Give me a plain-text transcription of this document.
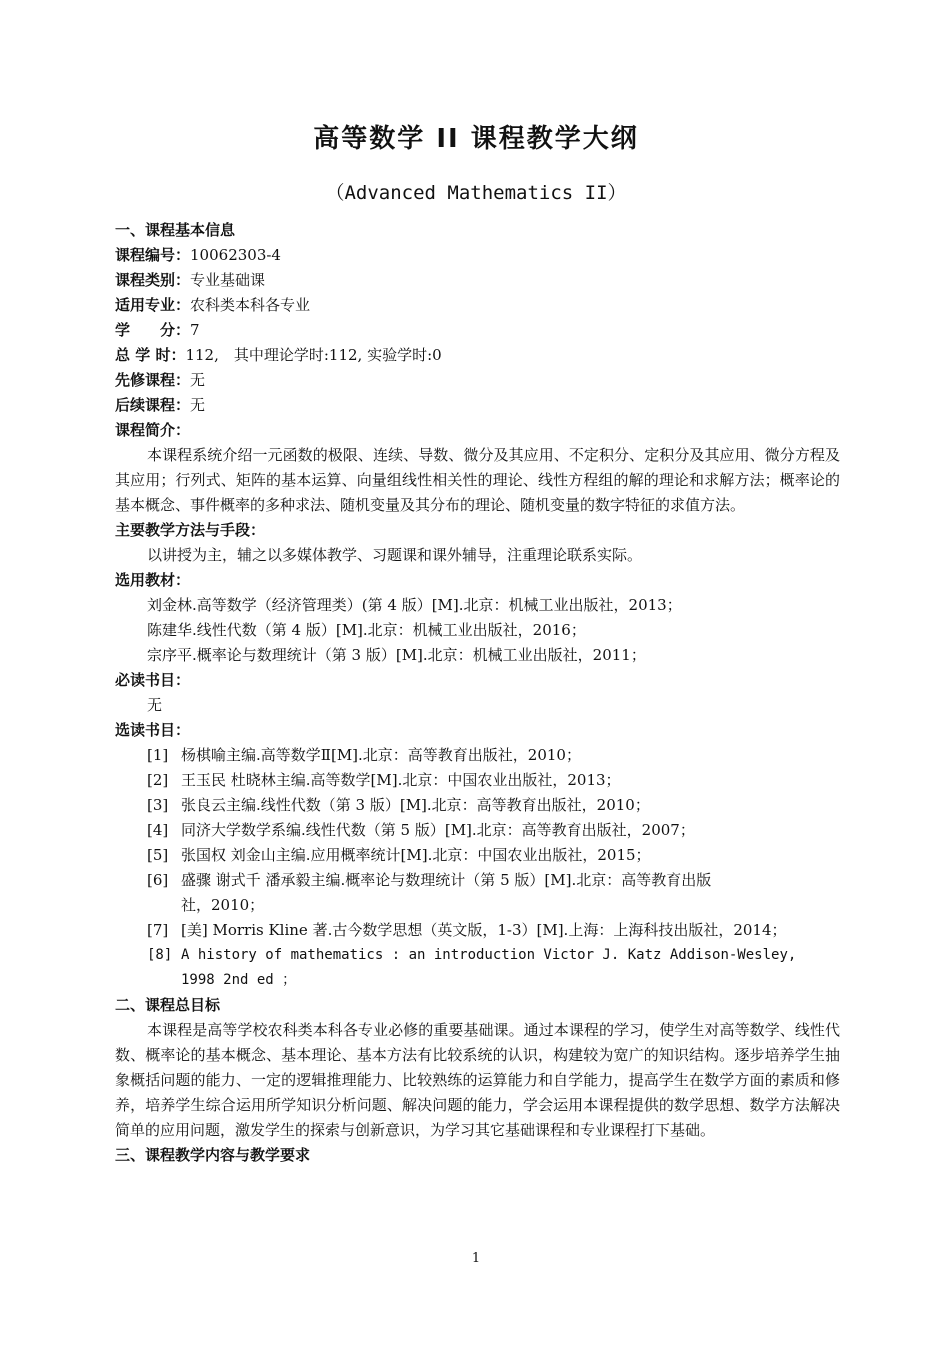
高等数学 II 课程教学大纲
（Advanced Mathematics II）
一、课程基本信息
课程编号：10062303-4
课程类别：专业基础课
适用专业：农科类本科各专业
学　　分：7
总 学 时：112,　其中理论学时:112, 实验学时:0
先修课程：无
后续课程：无
课程简介：

本课程系统介绍一元函数的极限、连续、导数、微分及其应用、不定积分、定积分及其应用、微分方程及其应用；行列式、矩阵的基本运算、向量组线性相关性的理论、线性方程组的解的理论和求解方法；概率论的基本概念、事件概率的多种求法、随机变量及其分布的理论、随机变量的数字特征的求值方法。

主要教学方法与手段：

以讲授为主，辅之以多媒体教学、习题课和课外辅导，注重理论联系实际。

选用教材：
刘金林.高等数学（经济管理类）(第 4 版）[M].北京：机械工业出版社，2013；
陈建华.线性代数（第 4 版）[M].北京：机械工业出版社，2016；
宗序平.概率论与数理统计（第 3 版）[M].北京：机械工业出版社，2011；
必读书目：
无
选读书目：
[1] 杨棋喻主编.高等数学Ⅱ[M].北京：高等教育出版社，2010；
[2] 王玉民 杜晓林主编.高等数学[M].北京：中国农业出版社，2013；
[3] 张良云主编.线性代数（第 3 版）[M].北京：高等教育出版社，2010；
[4] 同济大学数学系编.线性代数（第 5 版）[M].北京：高等教育出版社，2007；
[5] 张国权 刘金山主编.应用概率统计[M].北京：中国农业出版社，2015；
[6] 盛骤 谢式千 潘承毅主编.概率论与数理统计（第 5 版）[M].北京：高等教育出版
社，2010；
[7] [美] Morris Kline 著.古今数学思想（英文版，1-3）[M].上海：上海科技出版社，2014；
[8] A history of mathematics : an introduction Victor J. Katz Addison-Wesley,
1998 2nd ed ；
二、课程总目标

本课程是高等学校农科类本科各专业必修的重要基础课。通过本课程的学习，使学生对高等数学、线性代数、概率论的基本概念、基本理论、基本方法有比较系统的认识，构建较为宽广的知识结构。逐步培养学生抽象概括问题的能力、一定的逻辑推理能力、比较熟练的运算能力和自学能力，提高学生在数学方面的素质和修养，培养学生综合运用所学知识分析问题、解决问题的能力，学会运用本课程提供的数学思想、数学方法解决简单的应用问题，激发学生的探索与创新意识，为学习其它基础课程和专业课程打下基础。

三、课程教学内容与教学要求
1
